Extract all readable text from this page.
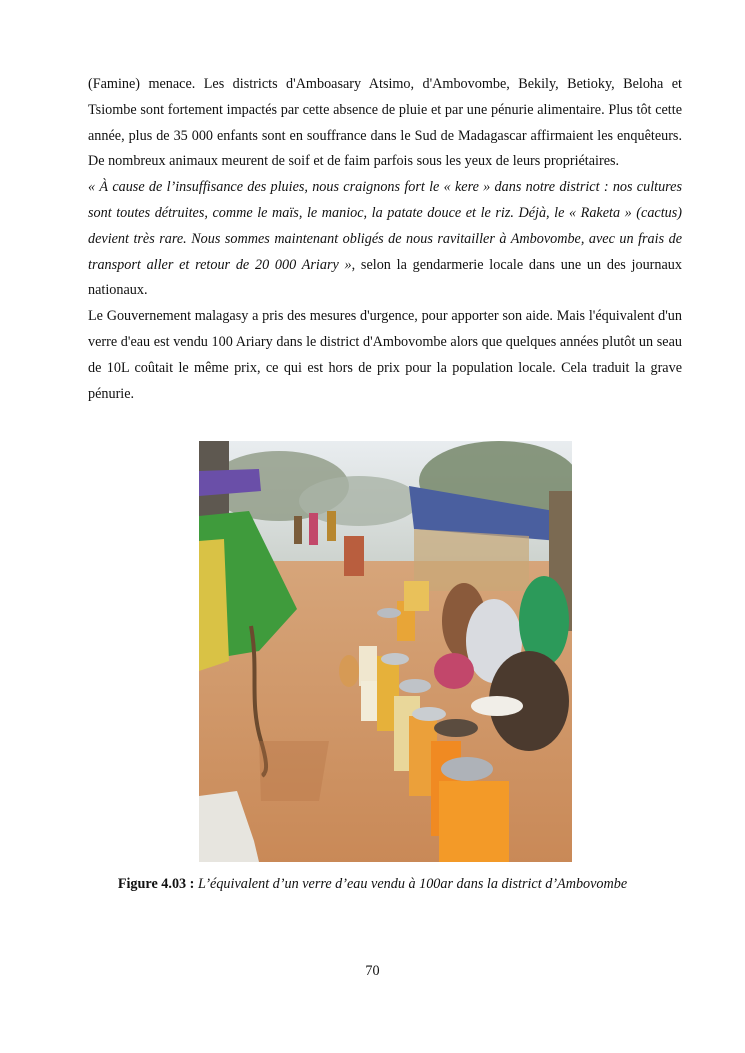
(Famine) menace. Les districts d'Amboasary Atsimo, d'Ambovombe, Bekily, Betioky, Beloha et Tsiombe sont fortement impactés par cette absence de pluie et par une pénurie alimentaire. Plus tôt cette année, plus de 35 000 enfants sont en souffrance dans le Sud de Madagascar affirmaient les enquêteurs. De nombreux animaux meurent de soif et de faim parfois sous les yeux de leurs propriétaires.

« À cause de l’insuffisance des pluies, nous craignons fort le « kere » dans notre district : nos cultures sont toutes détruites, comme le maïs, le manioc, la patate douce et le riz. Déjà, le « Raketa » (cactus) devient très rare. Nous sommes maintenant obligés de nous ravitailler à Ambovombe, avec un frais de transport aller et retour de 20 000 Ariary », selon la gendarmerie locale dans une un des journaux nationaux.

Le Gouvernement malagasy a pris des mesures d'urgence, pour apporter son aide. Mais l'équivalent d'un verre d'eau est vendu 100 Ariary dans le district d'Ambovombe alors que quelques années plutôt un seau de 10L coûtait le même prix, ce qui est hors de prix pour la population locale. Cela traduit la grave pénurie.

Figure 4.03 : L’équivalent d’un verre d’eau vendu à 100ar dans la district d’Ambovombe
70
